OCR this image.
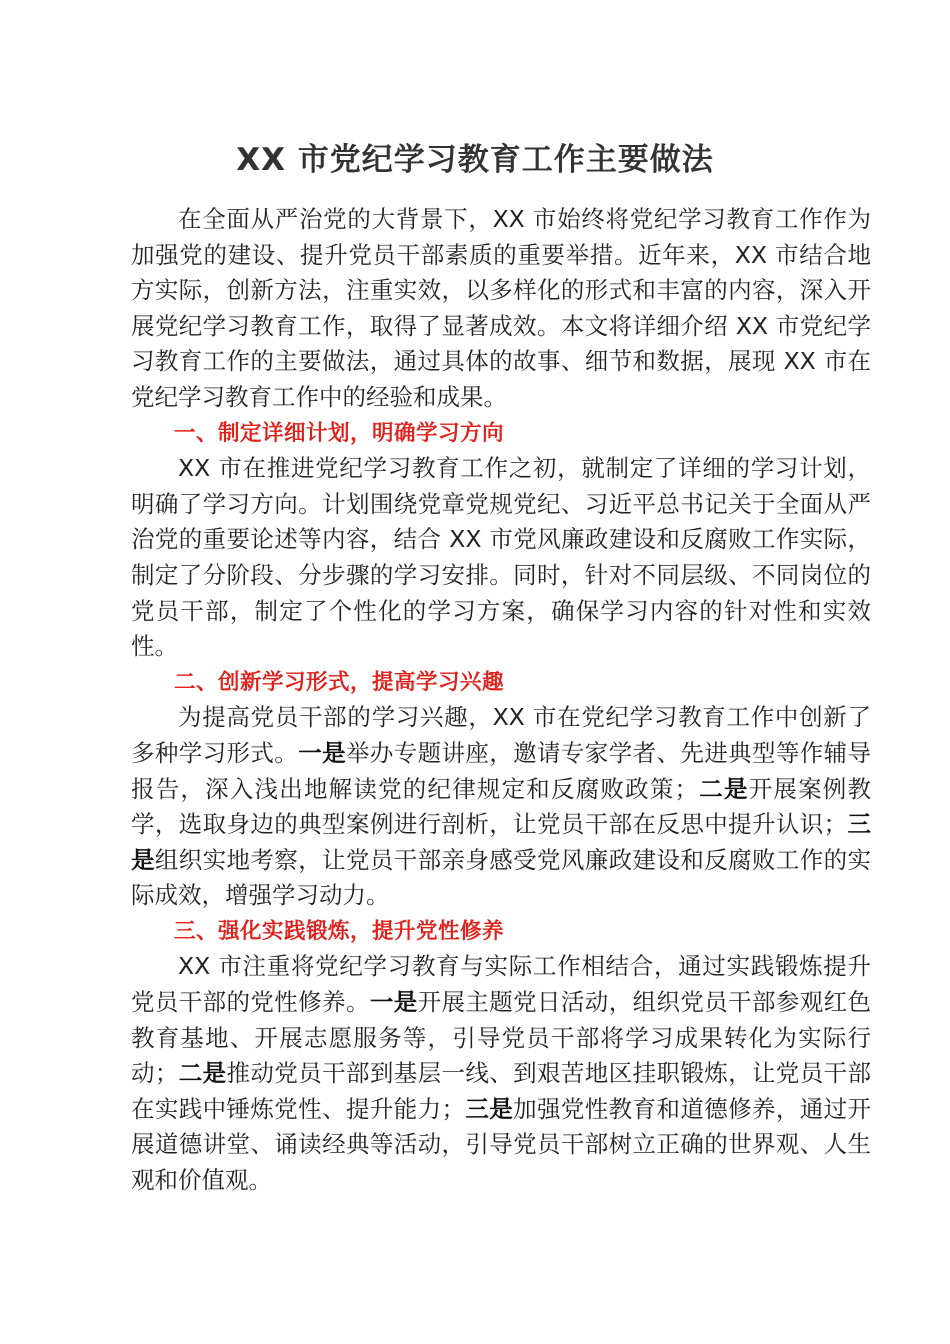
XX 市党纪学习教育工作主要做法

在全面从严治党的大背景下，XX 市始终将党纪学习教育工作作为加强党的建设、提升党员干部素质的重要举措。近年来，XX 市结合地方实际，创新方法，注重实效，以多样化的形式和丰富的内容，深入开展党纪学习教育工作，取得了显著成效。本文将详细介绍 XX 市党纪学习教育工作的主要做法，通过具体的故事、细节和数据，展现 XX 市在党纪学习教育工作中的经验和成果。

一、制定详细计划，明确学习方向

XX 市在推进党纪学习教育工作之初，就制定了详细的学习计划，明确了学习方向。计划围绕党章党规党纪、习近平总书记关于全面从严治党的重要论述等内容，结合 XX 市党风廉政建设和反腐败工作实际，制定了分阶段、分步骤的学习安排。同时，针对不同层级、不同岗位的党员干部，制定了个性化的学习方案，确保学习内容的针对性和实效性。

二、创新学习形式，提高学习兴趣

为提高党员干部的学习兴趣，XX 市在党纪学习教育工作中创新了多种学习形式。一是举办专题讲座，邀请专家学者、先进典型等作辅导报告，深入浅出地解读党的纪律规定和反腐败政策；二是开展案例教学，选取身边的典型案例进行剖析，让党员干部在反思中提升认识；三是组织实地考察，让党员干部亲身感受党风廉政建设和反腐败工作的实际成效，增强学习动力。

三、强化实践锻炼，提升党性修养

XX 市注重将党纪学习教育与实际工作相结合，通过实践锻炼提升党员干部的党性修养。一是开展主题党日活动，组织党员干部参观红色教育基地、开展志愿服务等，引导党员干部将学习成果转化为实际行动；二是推动党员干部到基层一线、到艰苦地区挂职锻炼，让党员干部在实践中锤炼党性、提升能力；三是加强党性教育和道德修养，通过开展道德讲堂、诵读经典等活动，引导党员干部树立正确的世界观、人生观和价值观。
